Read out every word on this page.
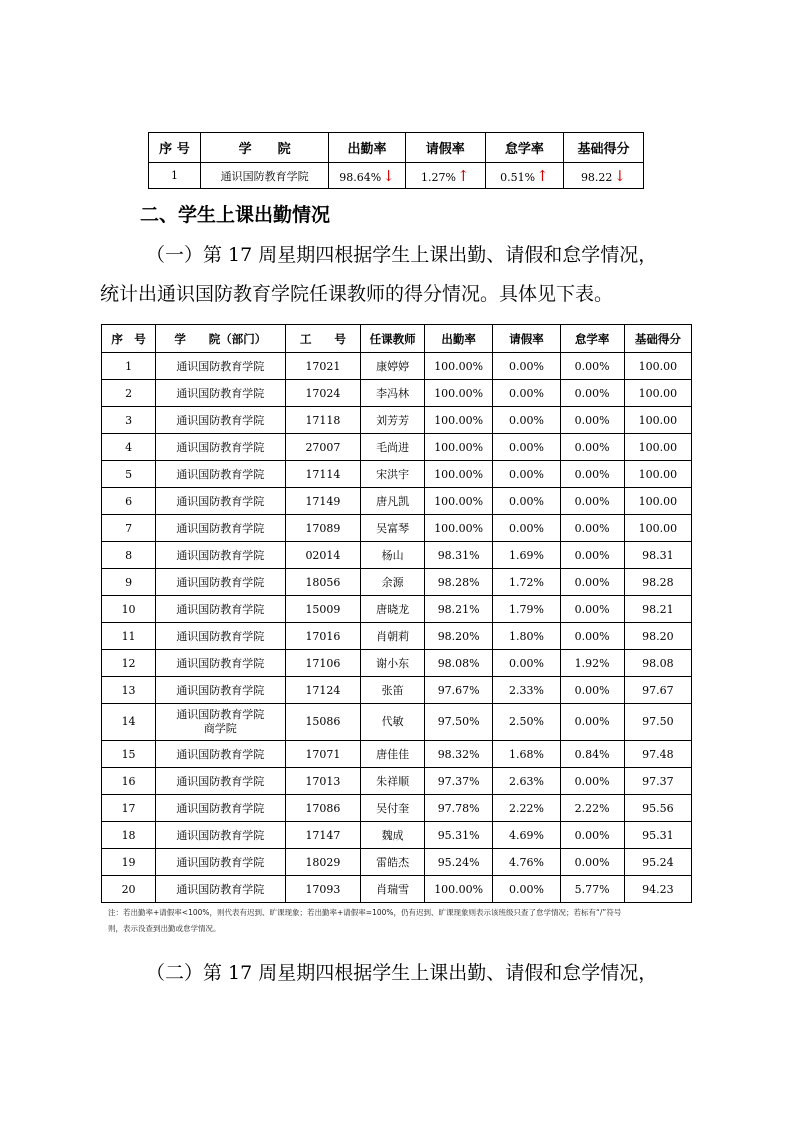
序 号	学　　院	出勤率	请假率	怠学率	基础得分
1	通识国防教育学院	98.64% ↓	1.27% ↑	0.51% ↑	98.22 ↓
二、学生上课出勤情况
（一）第 17 周星期四根据学生上课出勤、请假和怠学情况，
统计出通识国防教育学院任课教师的得分情况。具体见下表。
序　号	学　　院（部门）	工　　号	任课教师	出勤率	请假率	怠学率	基础得分
1	通识国防教育学院	17021	康婷婷	100.00%	0.00%	0.00%	100.00
2	通识国防教育学院	17024	李冯林	100.00%	0.00%	0.00%	100.00
3	通识国防教育学院	17118	刘芳芳	100.00%	0.00%	0.00%	100.00
4	通识国防教育学院	27007	毛尚进	100.00%	0.00%	0.00%	100.00
5	通识国防教育学院	17114	宋洪宇	100.00%	0.00%	0.00%	100.00
6	通识国防教育学院	17149	唐凡凯	100.00%	0.00%	0.00%	100.00
7	通识国防教育学院	17089	吴富琴	100.00%	0.00%	0.00%	100.00
8	通识国防教育学院	02014	杨山	98.31%	1.69%	0.00%	98.31
9	通识国防教育学院	18056	余源	98.28%	1.72%	0.00%	98.28
10	通识国防教育学院	15009	唐晓龙	98.21%	1.79%	0.00%	98.21
11	通识国防教育学院	17016	肖朝莉	98.20%	1.80%	0.00%	98.20
12	通识国防教育学院	17106	谢小东	98.08%	0.00%	1.92%	98.08
13	通识国防教育学院	17124	张笛	97.67%	2.33%	0.00%	97.67
14	通识国防教育学院
商学院	15086	代敏	97.50%	2.50%	0.00%	97.50
15	通识国防教育学院	17071	唐佳佳	98.32%	1.68%	0.84%	97.48
16	通识国防教育学院	17013	朱祥顺	97.37%	2.63%	0.00%	97.37
17	通识国防教育学院	17086	吴付奎	97.78%	2.22%	2.22%	95.56
18	通识国防教育学院	17147	魏成	95.31%	4.69%	0.00%	95.31
19	通识国防教育学院	18029	雷皓杰	95.24%	4.76%	0.00%	95.24
20	通识国防教育学院	17093	肖瑞雪	100.00%	0.00%	5.77%	94.23
注：若出勤率+请假率<100%，则代表有迟到、旷课现象；若出勤率+请假率=100%，仍有迟到、旷课现象则表示该班级只查了怠学情况；若标有“/”符号
则，表示没查到出勤或怠学情况。
（二）第 17 周星期四根据学生上课出勤、请假和怠学情况，
